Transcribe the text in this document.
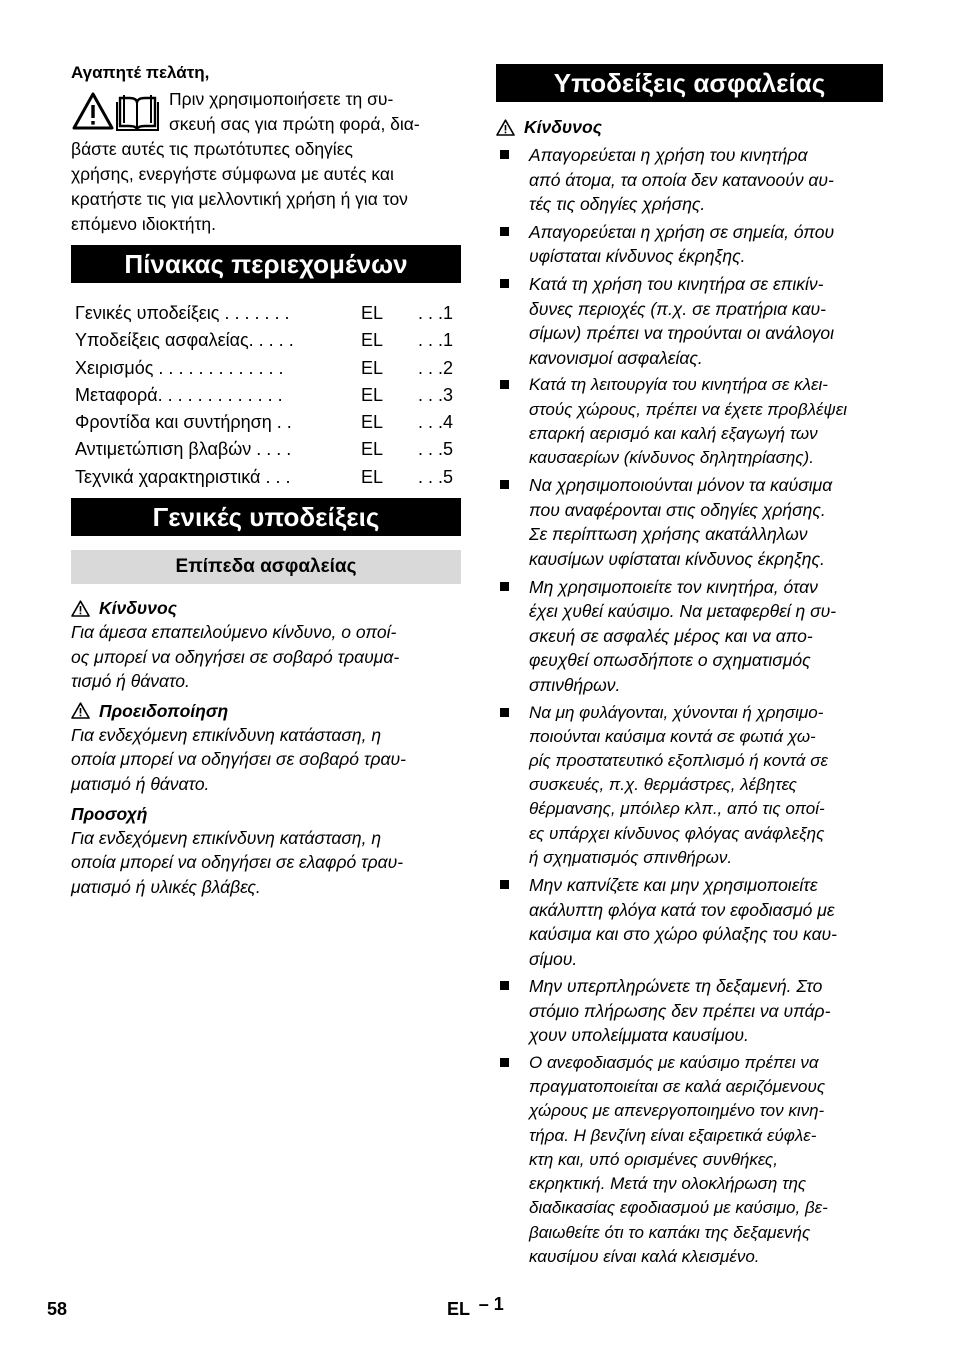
Αγαπητέ πελάτη,
Πριν χρησιμοποιήσετε τη συ-
σκευή σας για πρώτη φορά, δια-
βάστε αυτές τις πρωτότυπες οδηγίες
χρήσης, ενεργήστε σύμφωνα με αυτές και
κρατήστε τις για μελλοντική χρήση ή για τον
επόμενο ιδιοκτήτη.
Πίνακας περιεχομένων
Γενικές υποδείξεις . . . . . . .	EL	. . .1
Υποδείξεις ασφαλείας. . . . .	EL	. . .1
Χειρισμός . . . . . . . . . . . . .	EL	. . .2
Μεταφορά. . . . . . . . . . . . .	EL	. . .3
Φροντίδα και συντήρηση . .	EL	. . .4
Αντιμετώπιση βλαβών . . . .	EL	. . .5
Τεχνικά χαρακτηριστικά . . .	EL	. . .5
Γενικές υποδείξεις
Επίπεδα ασφαλείας
Κίνδυνος

Για άμεσα επαπειλούμενο κίνδυνο, ο οποί-
ος μπορεί να οδηγήσει σε σοβαρό τραυμα-
τισμό ή θάνατο.

Προειδοποίηση

Για ενδεχόμενη επικίνδυνη κατάσταση, η
οποία μπορεί να οδηγήσει σε σοβαρό τραυ-
ματισμό ή θάνατο.

Προσοχή

Για ενδεχόμενη επικίνδυνη κατάσταση, η
οποία μπορεί να οδηγήσει σε ελαφρό τραυ-
ματισμό ή υλικές βλάβες.

Υποδείξεις ασφαλείας
Κίνδυνος
Απαγορεύεται η χρήση του κινητήρα
από άτομα, τα οποία δεν κατανοούν αυ-
τές τις οδηγίες χρήσης.
Απαγορεύεται η χρήση σε σημεία, όπου
υφίσταται κίνδυνος έκρηξης.
Κατά τη χρήση του κινητήρα σε επικίν-
δυνες περιοχές (π.χ. σε πρατήρια καυ-
σίμων) πρέπει να τηρούνται οι ανάλογοι
κανονισμοί ασφαλείας.
Κατά τη λειτουργία του κινητήρα σε κλει-
στούς χώρους, πρέπει να έχετε προβλέψει
επαρκή αερισμό και καλή εξαγωγή των
καυσαερίων (κίνδυνος δηλητηρίασης).
Να χρησιμοποιούνται μόνον τα καύσιμα
που αναφέρονται στις οδηγίες χρήσης.
Σε περίπτωση χρήσης ακατάλληλων
καυσίμων υφίσταται κίνδυνος έκρηξης.
Μη χρησιμοποιείτε τον κινητήρα, όταν
έχει χυθεί καύσιμο. Να μεταφερθεί η συ-
σκευή σε ασφαλές μέρος και να απο-
φευχθεί οπωσδήποτε ο σχηματισμός
σπινθήρων.
Να μη φυλάγονται, χύνονται ή χρησιμο-
ποιούνται καύσιμα κοντά σε φωτιά χω-
ρίς προστατευτικό εξοπλισμό ή κοντά σε
συσκευές, π.χ. θερμάστρες, λέβητες
θέρμανσης, μπόιλερ κλπ., από τις οποί-
ες υπάρχει κίνδυνος φλόγας ανάφλεξης
ή σχηματισμός σπινθήρων.
Μην καπνίζετε και μην χρησιμοποιείτε
ακάλυπτη φλόγα κατά τον εφοδιασμό με
καύσιμα και στο χώρο φύλαξης του καυ-
σίμου.
Μην υπερπληρώνετε τη δεξαμενή. Στο
στόμιο πλήρωσης δεν πρέπει να υπάρ-
χουν υπολείμματα καυσίμου.
Ο ανεφοδιασμός με καύσιμο πρέπει να
πραγματοποιείται σε καλά αεριζόμενους
χώρους με απενεργοποιημένο τον κινη-
τήρα. Η βενζίνη είναι εξαιρετικά εύφλε-
κτη και, υπό ορισμένες συνθήκες,
εκρηκτική. Μετά την ολοκλήρωση της
διαδικασίας εφοδιασμού με καύσιμο, βε-
βαιωθείτε ότι το καπάκι της δεξαμενής
καυσίμου είναι καλά κλεισμένο.
58	EL – 1
